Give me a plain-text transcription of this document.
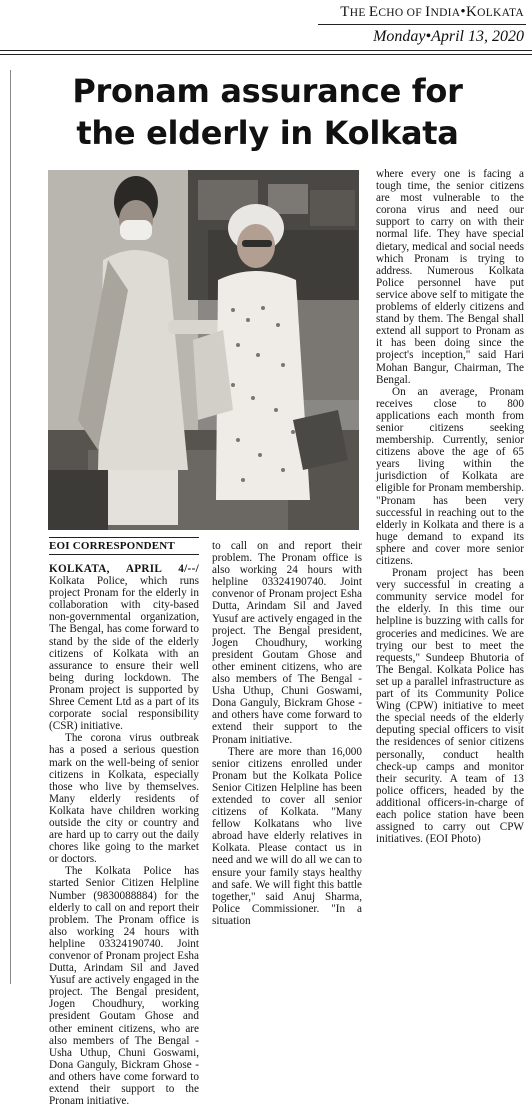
THE ECHO OF INDIA•KOLKATA
Monday•April 13, 2020
Pronam assurance for
the elderly in Kolkata
EOI CORRESPONDENT

KOLKATA, APRIL 4/--/ Kolkata Police, which runs project Pronam for the elderly in collaboration with city-based non-governmental organization, The Bengal, has come forward to stand by the side of the elderly citizens of Kolkata with an assurance to ensure their well being during lockdown. The Pronam project is supported by Shree Cement Ltd as a part of its corporate social responsibility (CSR) initiative.

The corona virus outbreak has a posed a serious question mark on the well-being of senior citizens in Kolkata, especially those who live by themselves. Many elderly residents of Kolkata have children working outside the city or country and are hard up to carry out the daily chores like going to the market or doctors.

The Kolkata Police has started Senior Citizen Helpline Number (9830088884) for the elderly to call on and report their problem. The Pronam office is also working 24 hours with helpline 03324190740. Joint convenor of Pronam project Esha Dutta, Arindam Sil and Javed Yusuf are actively engaged in the project. The Bengal president, Jogen Choudhury, working president Goutam Ghose and other eminent citizens, who are also members of The Bengal - Usha Uthup, Chuni Goswami, Dona Ganguly, Bickram Ghose - and others have come forward to extend their support to the Pronam initiative.

to call on and report their problem. The Pronam office is also working 24 hours with helpline 03324190740. Joint convenor of Pronam project Esha Dutta, Arindam Sil and Javed Yusuf are actively engaged in the project. The Bengal president, Jogen Choudhury, working president Goutam Ghose and other eminent citizens, who are also members of The Bengal - Usha Uthup, Chuni Goswami, Dona Ganguly, Bickram Ghose - and others have come forward to extend their support to the Pronam initiative.

There are more than 16,000 senior citizens enrolled under Pronam but the Kolkata Police Senior Citizen Helpline has been extended to cover all senior citizens of Kolkata. "Many fellow Kolkatans who live abroad have elderly relatives in Kolkata. Please contact us in need and we will do all we can to ensure your family stays healthy and safe. We will fight this battle together," said Anuj Sharma, Police Commissioner. "In a situation

where every one is facing a tough time, the senior citizens are most vulnerable to the corona virus and need our support to carry on with their normal life. They have special dietary, medical and social needs which Pronam is trying to address. Numerous Kolkata Police personnel have put service above self to mitigate the problems of elderly citizens and stand by them. The Bengal shall extend all support to Pronam as it has been doing since the project's inception," said Hari Mohan Bangur, Chairman, The Bengal.

On an average, Pronam receives close to 800 applications each month from senior citizens seeking membership. Currently, senior citizens above the age of 65 years living within the jurisdiction of Kolkata are eligible for Pronam membership. "Pronam has been very successful in reaching out to the elderly in Kolkata and there is a huge demand to expand its sphere and cover more senior citizens.

Pronam project has been very successful in creating a community service model for the elderly. In this time our helpline is buzzing with calls for groceries and medicines. We are trying our best to meet the requests," Sundeep Bhutoria of The Bengal. Kolkata Police has set up a parallel infrastructure as part of its Community Police Wing (CPW) initiative to meet the special needs of the elderly deputing special officers to visit the residences of senior citizens personally, conduct health check-up camps and monitor their security. A team of 13 police officers, headed by the additional officers-in-charge of each police station have been assigned to carry out CPW initiatives. (EOI Photo)
